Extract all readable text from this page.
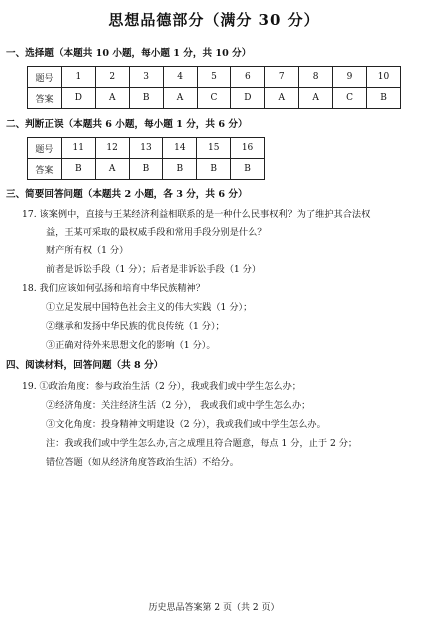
思想品德部分（满分 30 分）
一、选择题（本题共 10 小题，每小题 1 分，共 10 分）
题号	1	2	3	4	5	6	7	8	9	10
答案	D	A	B	A	C	D	A	A	C	B
二、判断正误（本题共 6 小题，每小题 1 分，共 6 分）
题号	11	12	13	14	15	16
答案	B	A	B	B	B	B
三、简要回答问题（本题共 2 小题，各 3 分，共 6 分）
17. 该案例中，直接与王某经济利益相联系的是一种什么民事权利？为了维护其合法权
益，王某可采取的最权威手段和常用手段分别是什么？
财产所有权（1 分）
前者是诉讼手段（1 分）；后者是非诉讼手段（1 分）
18. 我们应该如何弘扬和培育中华民族精神？
①立足发展中国特色社会主义的伟大实践（1 分）；
②继承和发扬中华民族的优良传统（1 分）；
③正确对待外来思想文化的影响（1 分）。
四、阅读材料，回答问题（共 8 分）
19. ①政治角度：参与政治生活（2 分），我或我们或中学生怎么办；
②经济角度：关注经济生活（2 分）， 我或我们或中学生怎么办；
③文化角度：投身精神文明建设（2 分），我或我们或中学生怎么办。
注：我或我们或中学生怎么办,言之成理且符合题意，每点 1 分，止于 2 分；
错位答题（如从经济角度答政治生活）不给分。
历史思品答案第 2 页（共 2 页）
